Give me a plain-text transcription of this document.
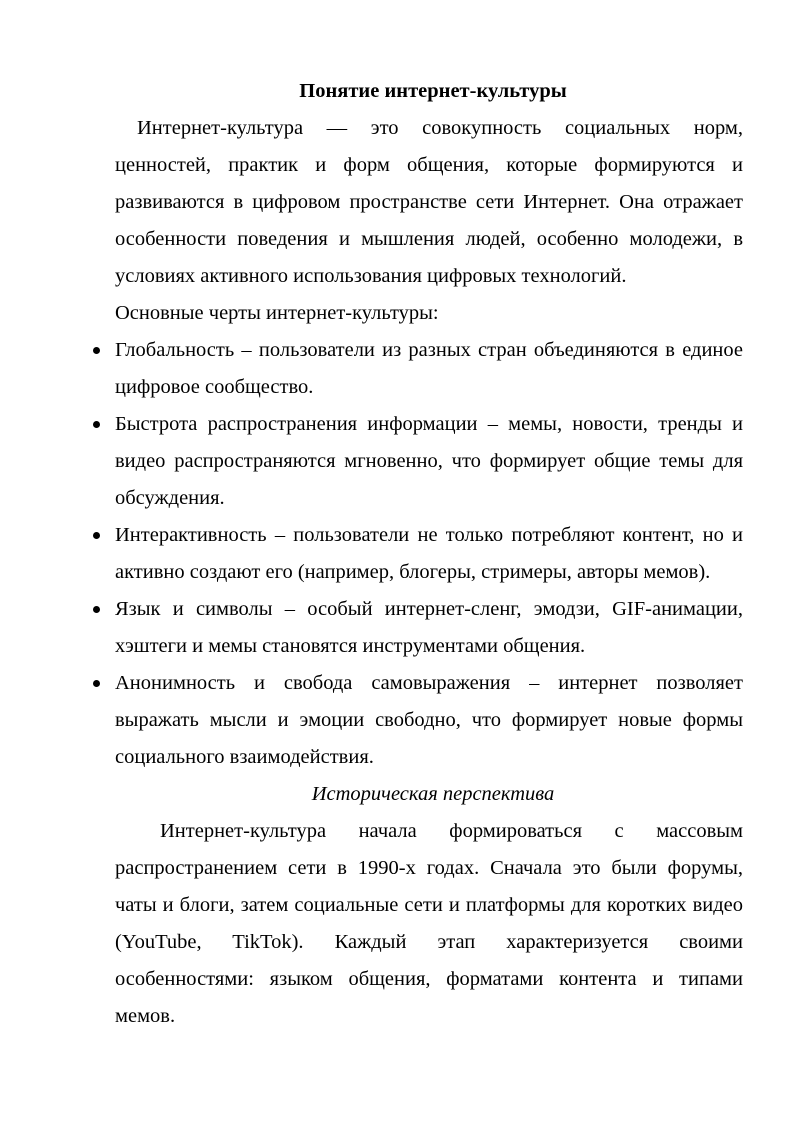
Понятие интернет-культуры

Интернет-культура — это совокупность социальных норм, ценностей, практик и форм общения, которые формируются и развиваются в цифровом пространстве сети Интернет. Она отражает особенности поведения и мышления людей, особенно молодежи, в условиях активного использования цифровых технологий.

Основные черты интернет-культуры:

Глобальность – пользователи из разных стран объединяются в единое цифровое сообщество.
Быстрота распространения информации – мемы, новости, тренды и видео распространяются мгновенно, что формирует общие темы для обсуждения.
Интерактивность – пользователи не только потребляют контент, но и активно создают его (например, блогеры, стримеры, авторы мемов).
Язык и символы – особый интернет-сленг, эмодзи, GIF-анимации, хэштеги и мемы становятся инструментами общения.
Анонимность и свобода самовыражения – интернет позволяет выражать мысли и эмоции свободно, что формирует новые формы социального взаимодействия.

Историческая перспектива

Интернет-культура начала формироваться с массовым распространением сети в 1990-х годах. Сначала это были форумы, чаты и блоги, затем социальные сети и платформы для коротких видео (YouTube, TikTok). Каждый этап характеризуется своими особенностями: языком общения, форматами контента и типами мемов.
